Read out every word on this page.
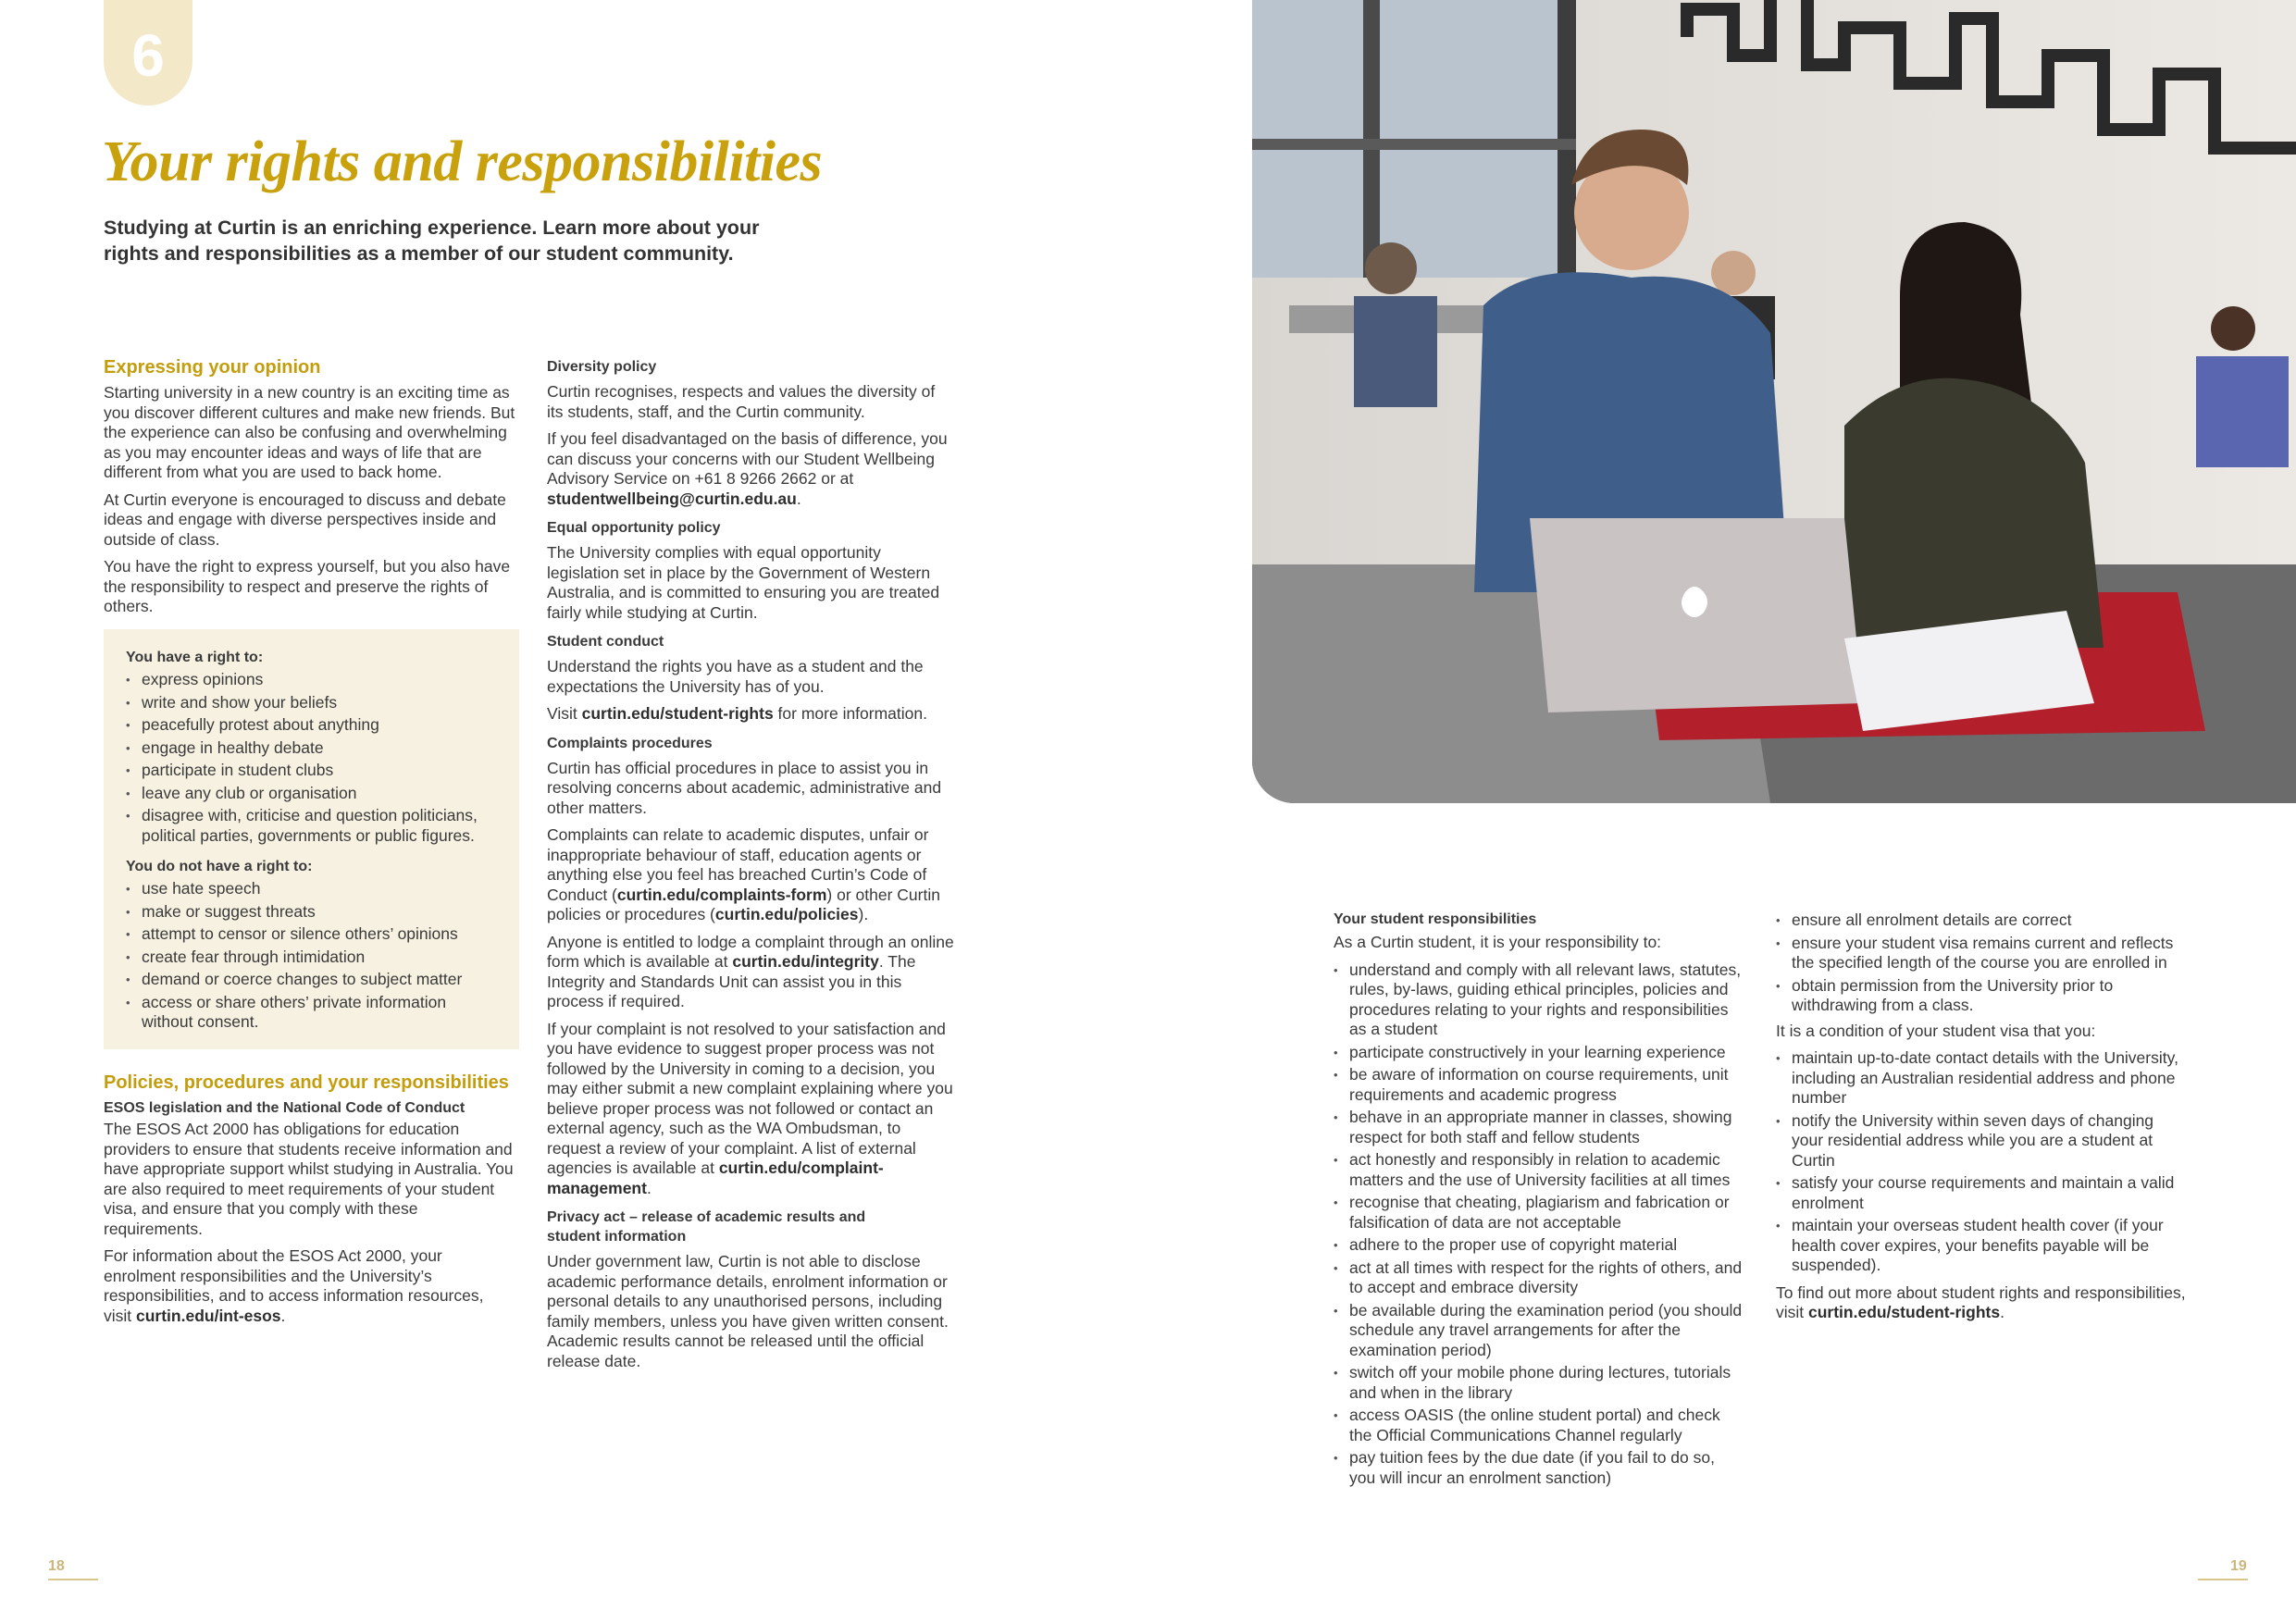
6
Your rights and responsibilities

Studying at Curtin is an enriching experience. Learn more about your rights and responsibilities as a member of our student community.

Expressing your opinion

Starting university in a new country is an exciting time as you discover different cultures and make new friends. But the experience can also be confusing and overwhelming as you may encounter ideas and ways of life that are different from what you are used to back home.

At Curtin everyone is encouraged to discuss and debate ideas and engage with diverse perspectives inside and outside of class.

You have the right to express yourself, but you also have the responsibility to respect and preserve the rights of others.

You have a right to:

• express opinions
• write and show your beliefs
• peacefully protest about anything
• engage in healthy debate
• participate in student clubs
• leave any club or organisation
• disagree with, criticise and question politicians, political parties, governments or public figures.

You do not have a right to:

• use hate speech
• make or suggest threats
• attempt to censor or silence others’ opinions
• create fear through intimidation
• demand or coerce changes to subject matter
• access or share others’ private information without consent.

Policies, procedures and your responsibilities

ESOS legislation and the National Code of Conduct

The ESOS Act 2000 has obligations for education providers to ensure that students receive information and have appropriate support whilst studying in Australia. You are also required to meet requirements of your student visa, and ensure that you comply with these requirements.

For information about the ESOS Act 2000, your enrolment responsibilities and the University’s responsibilities, and to access information resources, visit curtin.edu/int-esos.

Diversity policy

Curtin recognises, respects and values the diversity of its students, staff, and the Curtin community.

If you feel disadvantaged on the basis of difference, you can discuss your concerns with our Student Wellbeing Advisory Service on +61 8 9266 2662 or at studentwellbeing@curtin.edu.au.

Equal opportunity policy

The University complies with equal opportunity legislation set in place by the Government of Western Australia, and is committed to ensuring you are treated fairly while studying at Curtin.

Student conduct

Understand the rights you have as a student and the expectations the University has of you.

Visit curtin.edu/student-rights for more information.

Complaints procedures

Curtin has official procedures in place to assist you in resolving concerns about academic, administrative and other matters.

Complaints can relate to academic disputes, unfair or inappropriate behaviour of staff, education agents or anything else you feel has breached Curtin’s Code of Conduct (curtin.edu/complaints-form) or other Curtin policies or procedures (curtin.edu/policies).

Anyone is entitled to lodge a complaint through an online form which is available at curtin.edu/integrity. The Integrity and Standards Unit can assist you in this process if required.

If your complaint is not resolved to your satisfaction and you have evidence to suggest proper process was not followed by the University in coming to a decision, you may either submit a new complaint explaining where you believe proper process was not followed or contact an external agency, such as the WA Ombudsman, to request a review of your complaint. A list of external agencies is available at curtin.edu/complaint-management.

Privacy act – release of academic results and student information

Under government law, Curtin is not able to disclose academic performance details, enrolment information or personal details to any unauthorised persons, including family members, unless you have given written consent. Academic results cannot be released until the official release date.

Your student responsibilities

As a Curtin student, it is your responsibility to:

• understand and comply with all relevant laws, statutes, rules, by-laws, guiding ethical principles, policies and procedures relating to your rights and responsibilities as a student
• participate constructively in your learning experience
• be aware of information on course requirements, unit requirements and academic progress
• behave in an appropriate manner in classes, showing respect for both staff and fellow students
• act honestly and responsibly in relation to academic matters and the use of University facilities at all times
• recognise that cheating, plagiarism and fabrication or falsification of data are not acceptable
• adhere to the proper use of copyright material
• act at all times with respect for the rights of others, and to accept and embrace diversity
• be available during the examination period (you should schedule any travel arrangements for after the examination period)
• switch off your mobile phone during lectures, tutorials and when in the library
• access OASIS (the online student portal) and check the Official Communications Channel regularly
• pay tuition fees by the due date (if you fail to do so, you will incur an enrolment sanction)
• ensure all enrolment details are correct
• ensure your student visa remains current and reflects the specified length of the course you are enrolled in
• obtain permission from the University prior to withdrawing from a class.

It is a condition of your student visa that you:

• maintain up-to-date contact details with the University, including an Australian residential address and phone number
• notify the University within seven days of changing your residential address while you are a student at Curtin
• satisfy your course requirements and maintain a valid enrolment
• maintain your overseas student health cover (if your health cover expires, your benefits payable will be suspended).

To find out more about student rights and responsibilities, visit curtin.edu/student-rights.

18	19
